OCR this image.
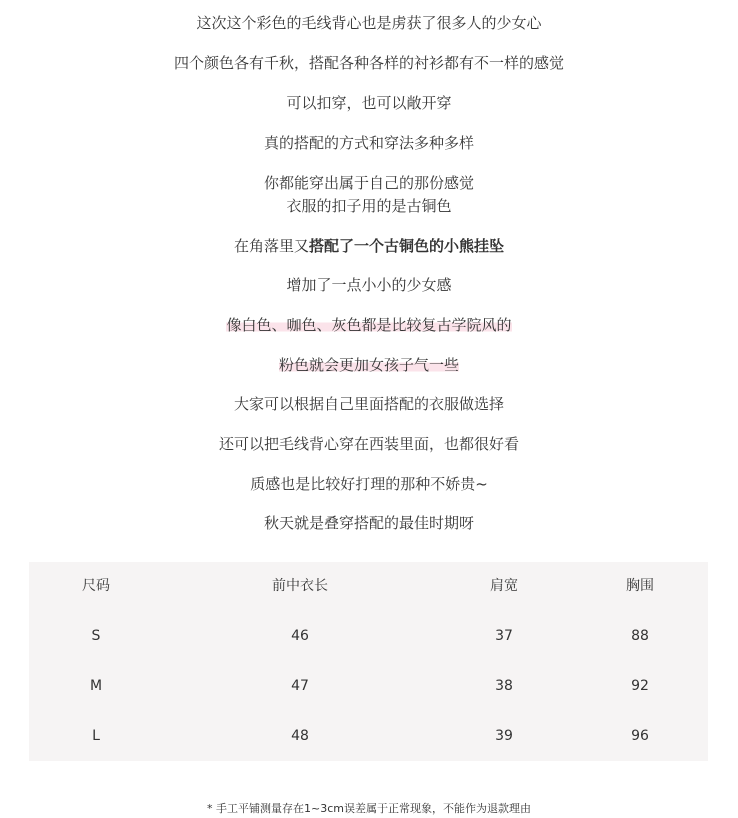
这次这个彩色的毛线背心也是虏获了很多人的少女心
四个颜色各有千秋，搭配各种各样的衬衫都有不一样的感觉
可以扣穿，也可以敞开穿
真的搭配的方式和穿法多种多样
你都能穿出属于自己的那份感觉
衣服的扣子用的是古铜色
在角落里又搭配了一个古铜色的小熊挂坠
增加了一点小小的少女感
像白色、咖色、灰色都是比较复古学院风的
粉色就会更加女孩子气一些
大家可以根据自己里面搭配的衣服做选择
还可以把毛线背心穿在西装里面，也都很好看
质感也是比较好打理的那种不娇贵~
秋天就是叠穿搭配的最佳时期呀
尺码	前中衣长	肩宽	胸围
S	46	37	88
M	47	38	92
L	48	39	96
* 手工平铺测量存在1~3cm误差属于正常现象，不能作为退款理由
